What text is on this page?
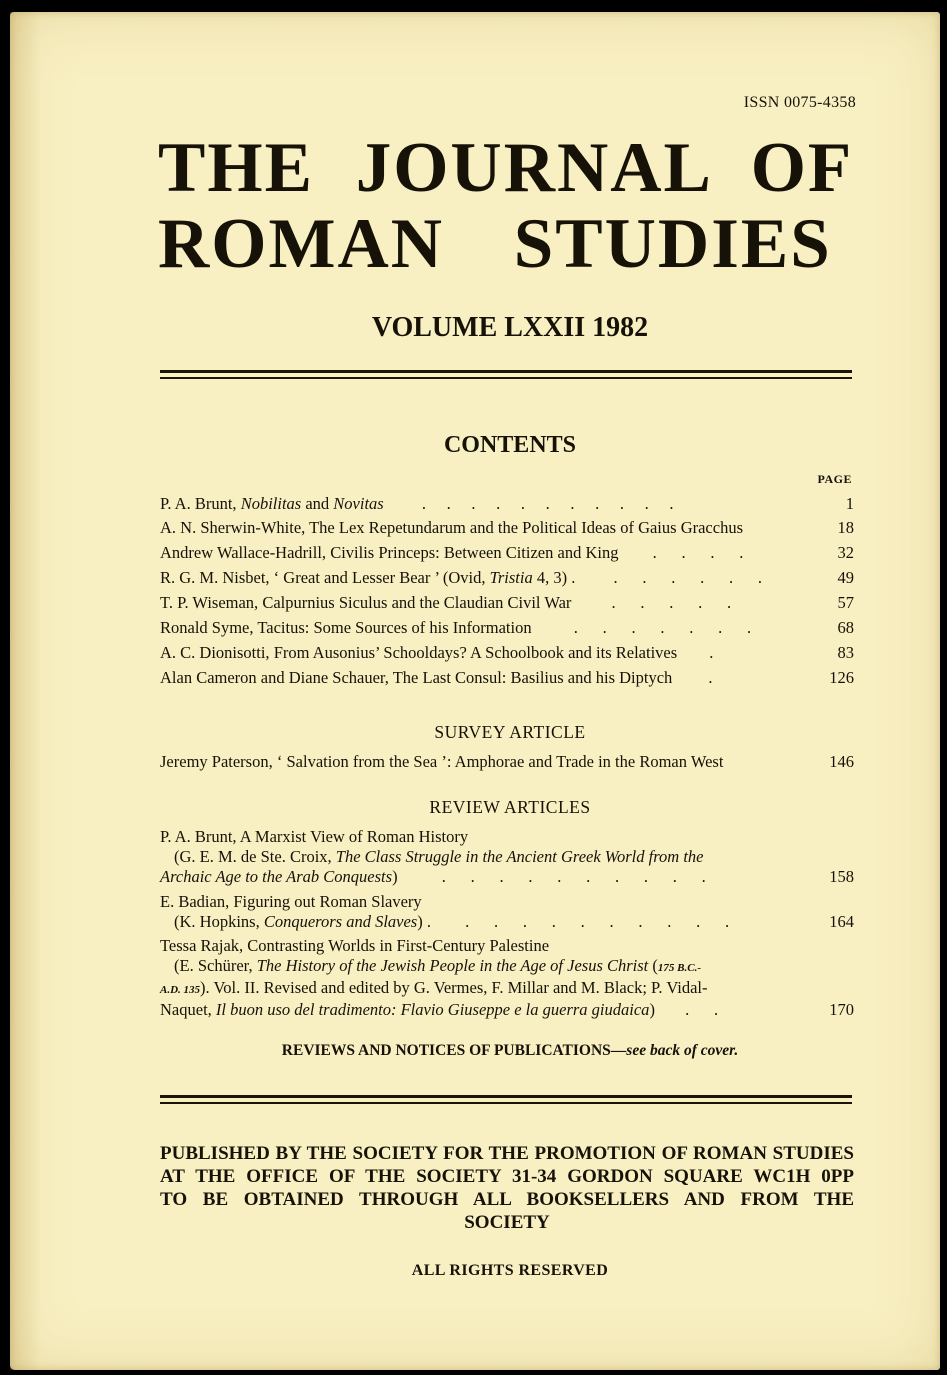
ISSN 0075-4358
THE JOURNAL OF
ROMAN STUDIES
VOLUME LXXII 1982
CONTENTS
PAGE
P. A. Brunt, Nobilitas and Novitas .     .     .     .     .     .     .     .     .     .     .	1
A. N. Sherwin-White, The Lex Repetundarum and the Political Ideas of Gaius Gracchus	18
Andrew Wallace-Hadrill, Civilis Princeps: Between Citizen and King .      .      .      .	32
R. G. M. Nisbet, ‘ Great and Lesser Bear ’ (Ovid, Tristia 4, 3) . .      .      .      .      .      .	49
T. P. Wiseman, Calpurnius Siculus and the Claudian Civil War .      .      .      .      .	57
Ronald Syme, Tacitus: Some Sources of his Information	.      .      .      .      .      .      .	68
A. C. Dionisotti, From Ausonius’ Schooldays? A Schoolbook and its Relatives .	83
Alan Cameron and Diane Schauer, The Last Consul: Basilius and his Diptych .	126
SURVEY ARTICLE
Jeremy Paterson, ‘ Salvation from the Sea ’: Amphorae and Trade in the Roman West	146
REVIEW ARTICLES
P. A. Brunt, A Marxist View of Roman History
(G. E. M. de Ste. Croix, The Class Struggle in the Ancient Greek World from the
Archaic Age to the Arab Conquests)	.      .      .      .      .      .      .      .      .      .	158
E. Badian, Figuring out Roman Slavery
(K. Hopkins, Conquerors and Slaves) . .      .      .      .      .      .      .      .      .      .	164
Tessa Rajak, Contrasting Worlds in First-Century Palestine
(E. Schürer, The History of the Jewish People in the Age of Jesus Christ (175 B.C.-
A.D. 135). Vol. II. Revised and edited by G. Vermes, F. Millar and M. Black; P. Vidal-
Naquet, Il buon uso del tradimento: Flavio Giuseppe e la guerra giudaica) .      .	170
REVIEWS AND NOTICES OF PUBLICATIONS—see back of cover.

PUBLISHED BY THE SOCIETY FOR THE PROMOTION OF ROMAN STUDIES
AT THE OFFICE OF THE SOCIETY 31-34 GORDON SQUARE WC1H 0PP
TO BE OBTAINED THROUGH ALL BOOKSELLERS AND FROM THE
SOCIETY

ALL RIGHTS RESERVED
